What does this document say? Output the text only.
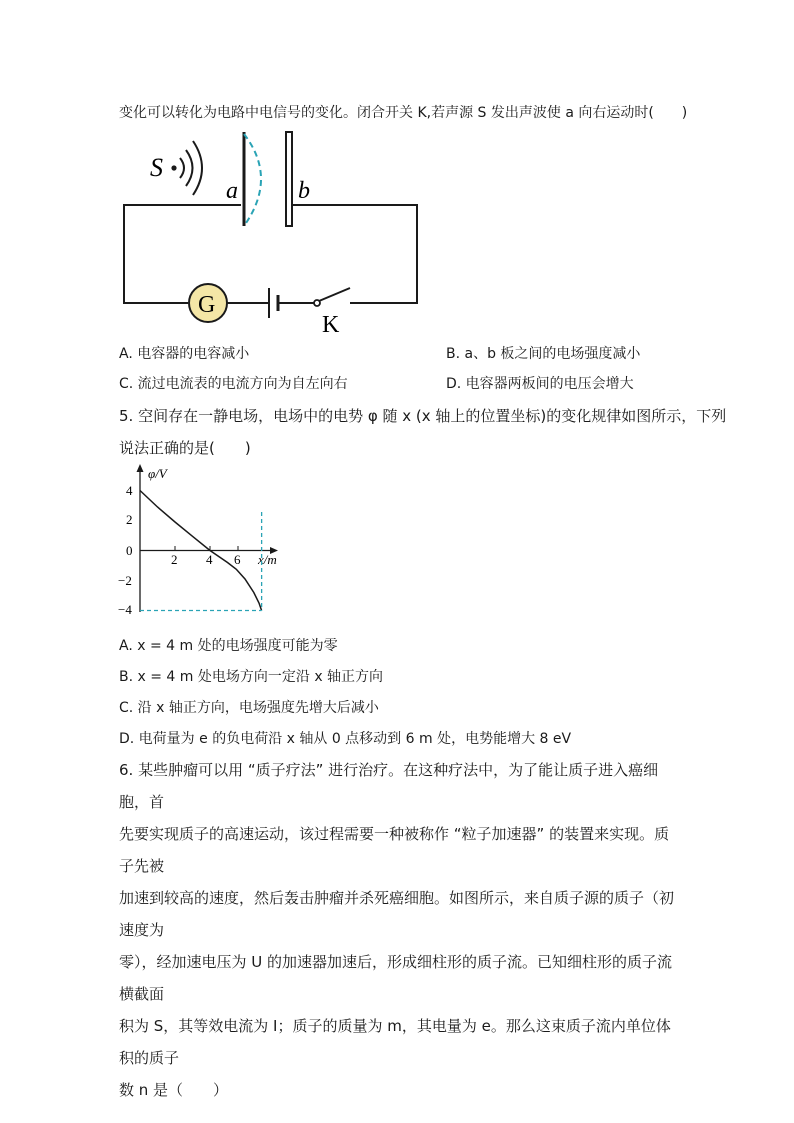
变化可以转化为电路中电信号的变化。闭合开关 K,若声源 S 发出声波使 a 向右运动时(　　)
S
a	b
G
K
A. 电容器的电容减小	B. a、b 板之间的电场强度减小
C. 流过电流表的电流方向为自左向右	D. 电容器两板间的电压会增大
5. 空间存在一静电场，电场中的电势 φ 随 x (x 轴上的位置坐标)的变化规律如图所示，下列
说法正确的是(　　)
φ/V
x/m
4
2
0
−2
−4
2 4 6
A. x = 4 m 处的电场强度可能为零
B. x = 4 m 处电场方向一定沿 x 轴正方向
C. 沿 x 轴正方向，电场强度先增大后减小
D. 电荷量为 e 的负电荷沿 x 轴从 0 点移动到 6 m 处，电势能增大 8 eV
6. 某些肿瘤可以用 “质子疗法” 进行治疗。在这种疗法中，为了能让质子进入癌细胞，首
先要实现质子的高速运动，该过程需要一种被称作 “粒子加速器” 的装置来实现。质子先被
加速到较高的速度，然后轰击肿瘤并杀死癌细胞。如图所示，来自质子源的质子（初速度为
零），经加速电压为 U 的加速器加速后，形成细柱形的质子流。已知细柱形的质子流横截面
积为 S，其等效电流为 I；质子的质量为 m，其电量为 e。那么这束质子流内单位体积的质子
数 n 是（　　）
